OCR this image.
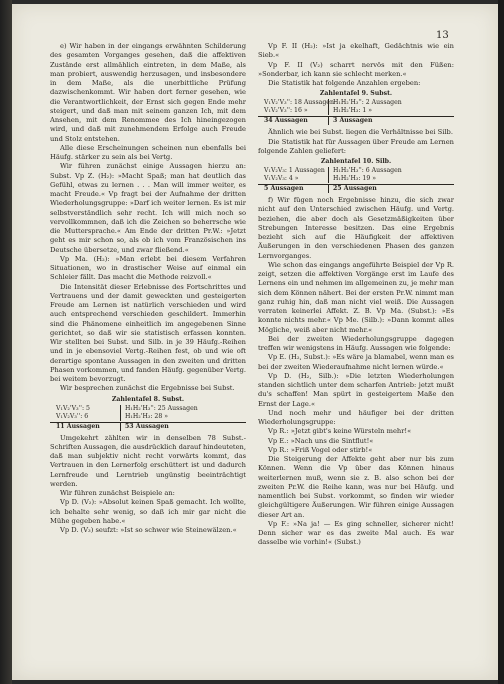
13

e) Wir haben in der eingangs erwähnten Schilderung des gesamten Vorganges gesehen, daß die affektiven Zustände erst allmählich eintreten, in dem Maße, als man probiert, auswendig herzusagen, und insbesondere in dem Maße, als die unerbittliche Prüfung dazwischenkommt. Wir haben dort ferner gesehen, wie die Verantwortlichkeit, der Ernst sich gegen Ende mehr steigert, und daß man mit seinem ganzen Ich, mit dem Ansehen, mit dem Renommee des Ich hineingezogen wird, und daß mit zunehmendem Erfolge auch Freude und Stolz entstehen.

Alle diese Erscheinungen scheinen nun ebenfalls bei Häufg. stärker zu sein als bei Vertg.

Wir führen zunächst einige Aussagen hierzu an: Subst. Vp Z. (H₂): »Macht Spaß; man hat deutlich das Gefühl, etwas zu lernen . . . Man will immer weiter, es macht Freude.« Vp fragt bei der Aufnahme der dritten Wiederholungsgruppe: »Darf ich weiter lernen. Es ist mir selbstverständlich sehr recht. Ich will mich noch so vervollkommnen, daß ich die Zeichen so beherrsche wie die Muttersprache.« Am Ende der dritten Pr.W.: »Jetzt geht es mir schon so, als ob ich vom Französischen ins Deutsche übersetze, und zwar fließend.«

Vp Ma. (H₂): »Man erlebt bei diesem Verfahren Situationen, wo in drastischer Weise auf einmal ein Schleier fällt. Das macht die Methode reizvoll.«

Die Intensität dieser Erlebnisse des Fortschrittes und Vertrauens und der damit geweckten und gesteigerten Freude am Lernen ist natürlich verschieden und wird auch entsprechend verschieden geschildert. Immerhin sind die Phänomene einheitlich im angegebenen Sinne gerichtet, so daß wir sie statistisch erfassen konnten. Wir stellten bei Subst. und Silb. in je 39 Häufg.-Reihen und in je ebensoviel Vertg.-Reihen fest, ob und wie oft derartige spontane Aussagen in den zweiten und dritten Phasen vorkommen, und fanden Häufg. gegenüber Vertg. bei weitem bevorzugt.

Wir besprechen zunächst die Ergebnisse bei Subst.

Zahlentafel 8. Subst.
V₁V₂'V₃'': 5	H₁H₂'H₃'': 25 Aussagen
V₁V₂V₃'': 6	H₁H₂'H₃: 28 »
11 Aussagen	53 Aussagen

Umgekehrt zählten wir in denselben 78 Subst.-Schriften Aussagen, die ausdrücklich darauf hindeuteten, daß man subjektiv nicht recht vorwärts kommt, das Vertrauen in den Lernerfolg erschüttert ist und dadurch Lernfreude und Lerntrieb ungünstig beeinträchtigt werden.

Wir führen zunächst Beispiele an:

Vp D. (V₂): »Absolut keinen Spaß gemacht. Ich wollte, ich behalte sehr wenig, so daß ich mir gar nicht die Mühe gegeben habe.«

Vp D. (V₃) seufzt: »Ist so schwer wie Steinewälzen.«

Vp F. II (H₂): »Ist ja ekelhaft, Gedächtnis wie ein Sieb.«

Vp F. II (V₂) scharrt nervös mit den Füßen: »Sonderbar, ich kann sie schlecht merken.«

Die Statistik hat folgende Anzahlen ergeben:

Zahlentafel 9. Subst.
V₁V₂'V₃'': 18 Aussagen H₁H₂'H₃'': 2 Aussagen
V₁V₂'V₃'': 16 »	H₁H₂'H₃: 1 »
34 Aussagen	3 Aussagen

Ähnlich wie bei Subst. liegen die Verhältnisse bei Silb.

Die Statistik hat für Aussagen über Freude am Lernen folgende Zahlen geliefert:

Zahlentafel 10. Silb.
V₁V₂V₃: 1 Aussagen	H₁H₂'H₃'': 6 Aussagen
V₁V₂V₃: 4 »	H₁H₂'H₃: 19 »
5 Aussagen	25 Aussagen

f) Wir fügen noch Ergebnisse hinzu, die sich zwar nicht auf den Unterschied zwischen Häufg. und Vertg. beziehen, die aber doch als Gesetzmäßigkeiten über Strebungen Interesse besitzen. Das eine Ergebnis bezieht sich auf die Häufigkeit der affektiven Äußerungen in den verschiedenen Phasen des ganzen Lernvorganges.

Wie schon das eingangs angeführte Beispiel der Vp R. zeigt, setzen die affektiven Vorgänge erst im Laufe des Lernens ein und nehmen im allgemeinen zu, je mehr man sich dem Können nähert. Bei der ersten Pr.W. nimmt man ganz ruhig hin, daß man nicht viel weiß. Die Aussagen verraten keinerlei Affekt. Z. B. Vp Ma. (Subst.): »Es konnte nichts mehr.« Vp Me. (Silb.): »Dann kommt alles Mögliche, weiß aber nicht mehr.«

Bei der zweiten Wiederholungsgruppe dagegen treffen wir wenigstens in Häufg. Aussagen wie folgende:

Vp E. (H₂, Subst.): »Es wäre ja blamabel, wenn man es bei der zweiten Wiederaufnahme nicht lernen würde.«

Vp D. (H₂, Silb.): »Die letzten Wiederholungen standen sichtlich unter dem scharfen Antrieb: jetzt mußt du's schaffen! Man spürt in gesteigertem Maße den Ernst der Lage.«

Und noch mehr und häufiger bei der dritten Wiederholungsgruppe:

Vp R.: »Jetzt gibt's keine Würsteln mehr!«

Vp E.: »Nach uns die Sintflut!«

Vp R.: »Friß Vogel oder stirb!«

Die Steigerung der Affekte geht aber nur bis zum Können. Wenn die Vp über das Können hinaus weiterlernen muß, wenn sie z. B. also schon bei der zweiten Pr.W. die Reihe kann, was nur bei Häufg. und namentlich bei Subst. vorkommt, so finden wir wieder gleichgültigere Äußerungen. Wir führen einige Aussagen dieser Art an.

Vp F.: »Na ja! — Es ging schneller, sicherer nicht! Denn sicher war es das zweite Mal auch. Es war dasselbe wie vorhin!« (Subst.)
